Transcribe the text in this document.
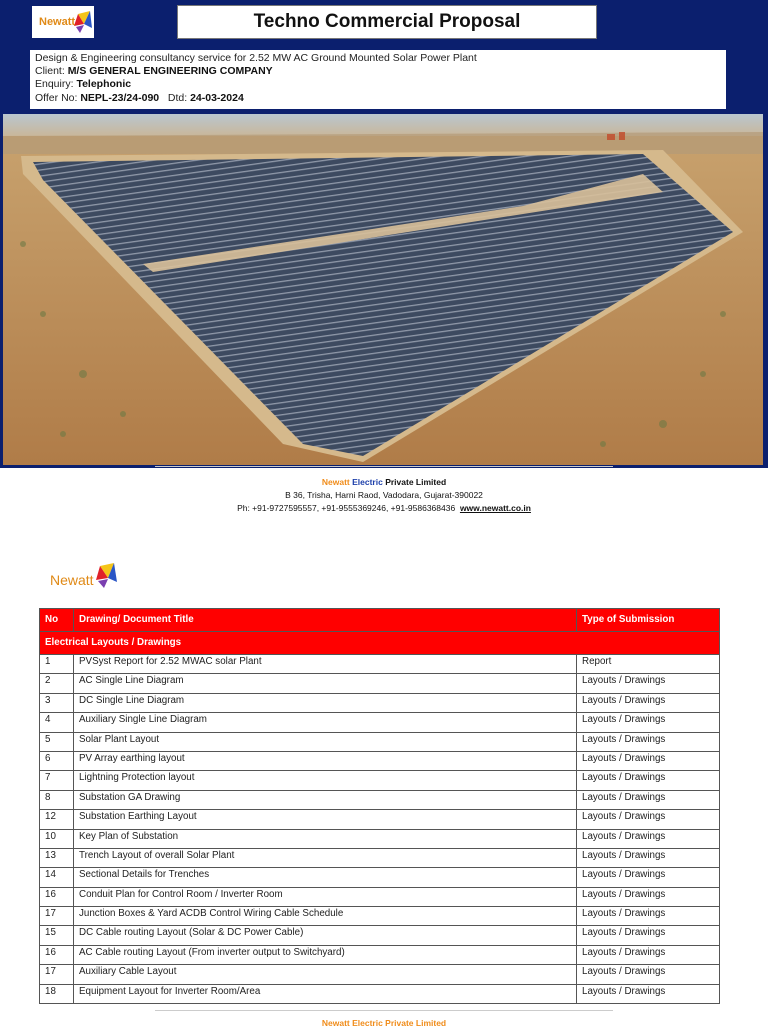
Newatt	Techno Commercial Proposal
Design & Engineering consultancy service for 2.52 MW AC Ground Mounted Solar Power Plant
Client: M/S GENERAL ENGINEERING COMPANY
Enquiry: Telephonic
Offer No: NEPL-23/24-090 Dtd: 24-03-2024
Newatt Electric Private Limited
B 36, Trisha, Harni Raod, Vadodara, Gujarat-390022
Ph: +91-9727595557, +91-9555369246, +91-9586368436 www.newatt.co.in
Newatt
No	Drawing/ Document Title	Type of Submission
Electrical Layouts / Drawings		
1	PVSyst Report for 2.52 MWAC solar Plant	Report
2	AC Single Line Diagram	Layouts / Drawings
3	DC Single Line Diagram	Layouts / Drawings
4	Auxiliary Single Line Diagram	Layouts / Drawings
5	Solar Plant Layout	Layouts / Drawings
6	PV Array earthing layout	Layouts / Drawings
7	Lightning Protection layout	Layouts / Drawings
8	Substation GA Drawing	Layouts / Drawings
12	Substation Earthing Layout	Layouts / Drawings
10	Key Plan of Substation	Layouts / Drawings
13	Trench Layout of overall Solar Plant	Layouts / Drawings
14	Sectional Details for Trenches	Layouts / Drawings
16	Conduit Plan for Control Room / Inverter Room	Layouts / Drawings
17	Junction Boxes & Yard ACDB Control Wiring Cable Schedule	Layouts / Drawings
15	DC Cable routing Layout (Solar & DC Power Cable)	Layouts / Drawings
16	AC Cable routing Layout (From inverter output to Switchyard)	Layouts / Drawings
17	Auxiliary Cable Layout	Layouts / Drawings
18	Equipment Layout for Inverter Room/Area	Layouts / Drawings
Newatt Electric Private Limited
